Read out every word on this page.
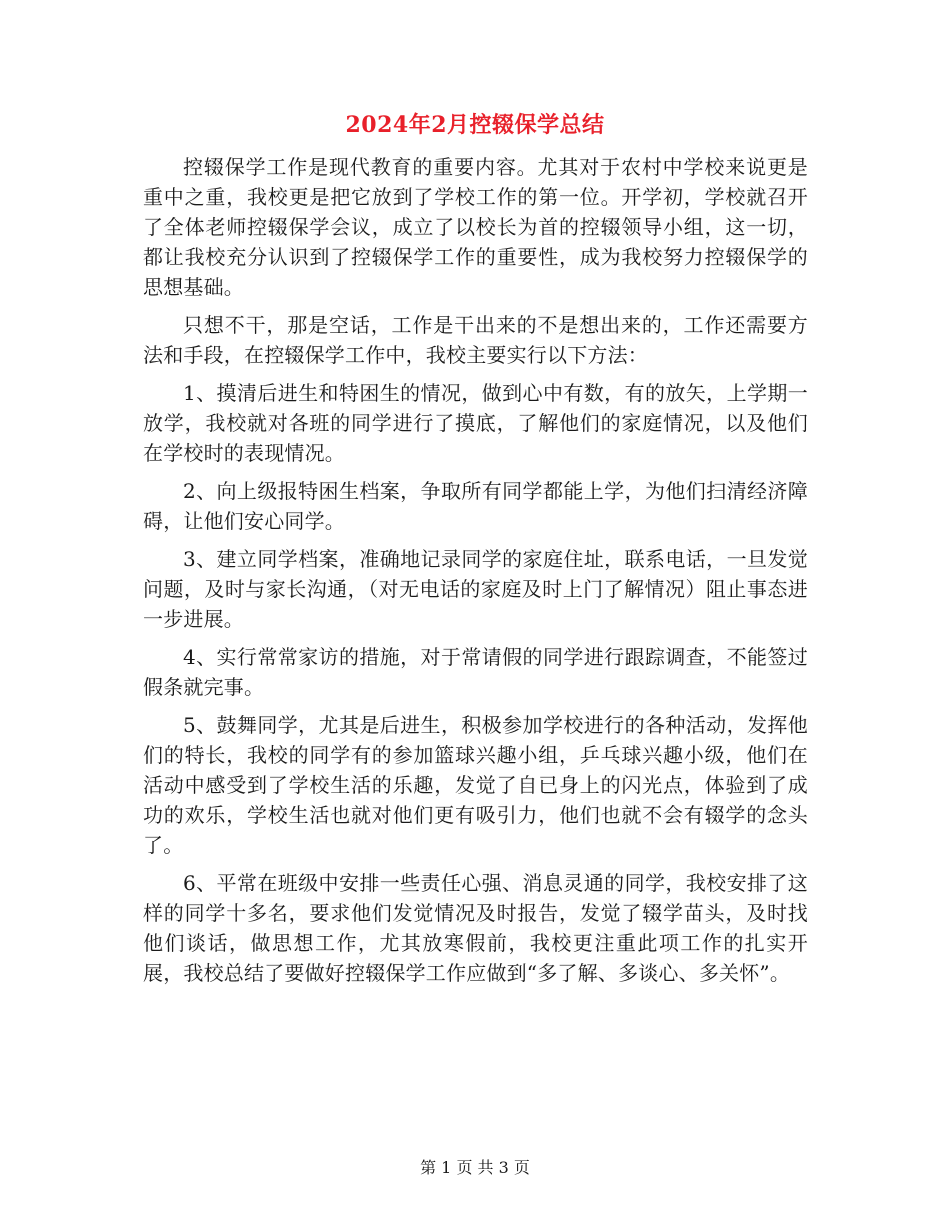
2024年2月控辍保学总结

控辍保学工作是现代教育的重要内容。尤其对于农村中学校来说更是重中之重，我校更是把它放到了学校工作的第一位。开学初，学校就召开了全体老师控辍保学会议，成立了以校长为首的控辍领导小组，这一切，都让我校充分认识到了控辍保学工作的重要性，成为我校努力控辍保学的思想基础。

只想不干，那是空话，工作是干出来的不是想出来的，工作还需要方法和手段，在控辍保学工作中，我校主要实行以下方法：

1、摸清后进生和特困生的情况，做到心中有数，有的放矢，上学期一放学，我校就对各班的同学进行了摸底，了解他们的家庭情况，以及他们在学校时的表现情况。

2、向上级报特困生档案，争取所有同学都能上学，为他们扫清经济障碍，让他们安心同学。

3、建立同学档案，准确地记录同学的家庭住址，联系电话，一旦发觉问题，及时与家长沟通，（对无电话的家庭及时上门了解情况）阻止事态进一步进展。

4、实行常常家访的措施，对于常请假的同学进行跟踪调查，不能签过假条就完事。

5、鼓舞同学，尤其是后进生，积极参加学校进行的各种活动，发挥他们的特长，我校的同学有的参加篮球兴趣小组，乒乓球兴趣小级，他们在活动中感受到了学校生活的乐趣，发觉了自已身上的闪光点，体验到了成功的欢乐，学校生活也就对他们更有吸引力，他们也就不会有辍学的念头了。

6、平常在班级中安排一些责任心强、消息灵通的同学，我校安排了这样的同学十多名，要求他们发觉情况及时报告，发觉了辍学苗头，及时找他们谈话，做思想工作，尤其放寒假前，我校更注重此项工作的扎实开展，我校总结了要做好控辍保学工作应做到“多了解、多谈心、多关怀”。

第 1 页 共 3 页
